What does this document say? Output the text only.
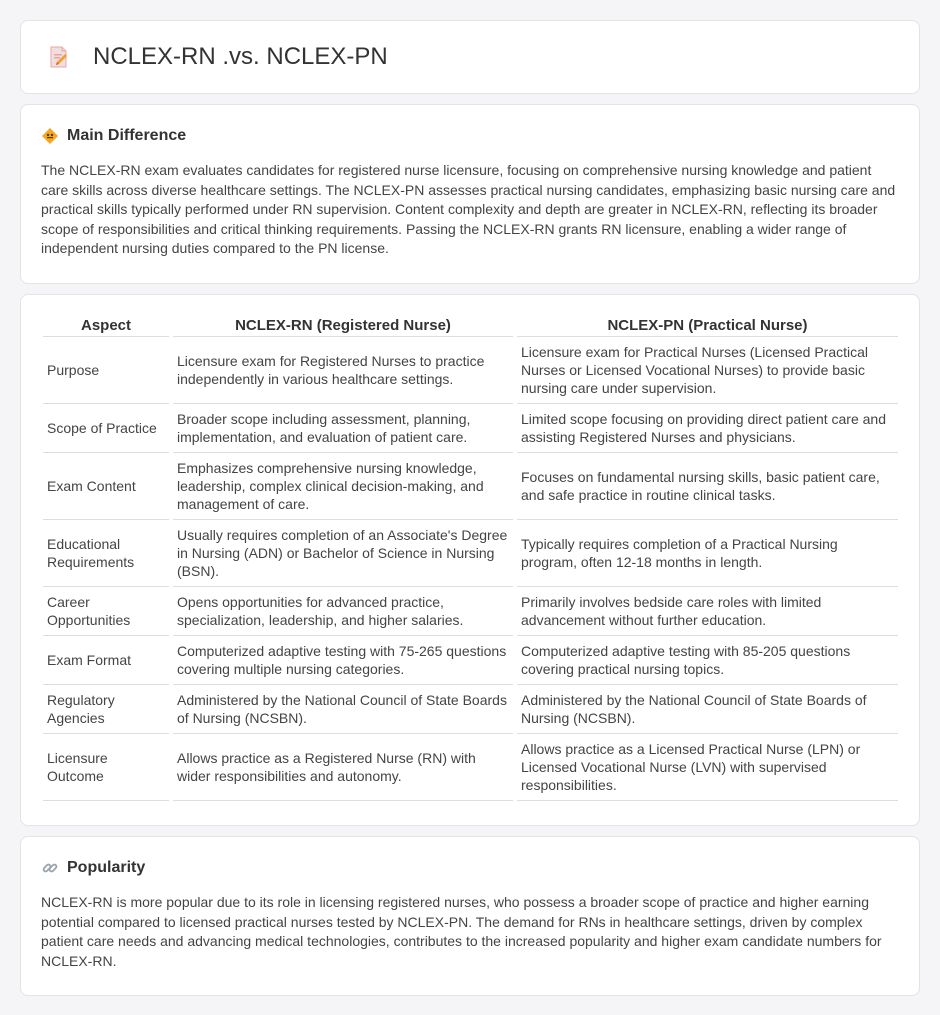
NCLEX-RN .vs. NCLEX-PN
Main Difference

The NCLEX-RN exam evaluates candidates for registered nurse licensure, focusing on comprehensive nursing knowledge and patient care skills across diverse healthcare settings. The NCLEX-PN assesses practical nursing candidates, emphasizing basic nursing care and practical skills typically performed under RN supervision. Content complexity and depth are greater in NCLEX-RN, reflecting its broader scope of responsibilities and critical thinking requirements. Passing the NCLEX-RN grants RN licensure, enabling a wider range of independent nursing duties compared to the PN license.

Aspect	NCLEX-RN (Registered Nurse)	NCLEX-PN (Practical Nurse)
Purpose	Licensure exam for Registered Nurses to practice independently in various healthcare settings.	Licensure exam for Practical Nurses (Licensed Practical Nurses or Licensed Vocational Nurses) to provide basic nursing care under supervision.
Scope of Practice	Broader scope including assessment, planning, implementation, and evaluation of patient care.	Limited scope focusing on providing direct patient care and assisting Registered Nurses and physicians.
Exam Content	Emphasizes comprehensive nursing knowledge, leadership, complex clinical decision-making, and management of care.	Focuses on fundamental nursing skills, basic patient care, and safe practice in routine clinical tasks.
Educational Requirements	Usually requires completion of an Associate's Degree in Nursing (ADN) or Bachelor of Science in Nursing (BSN).	Typically requires completion of a Practical Nursing program, often 12-18 months in length.
Career Opportunities	Opens opportunities for advanced practice, specialization, leadership, and higher salaries.	Primarily involves bedside care roles with limited advancement without further education.
Exam Format	Computerized adaptive testing with 75-265 questions covering multiple nursing categories.	Computerized adaptive testing with 85-205 questions covering practical nursing topics.
Regulatory Agencies	Administered by the National Council of State Boards of Nursing (NCSBN).	Administered by the National Council of State Boards of Nursing (NCSBN).
Licensure Outcome	Allows practice as a Registered Nurse (RN) with wider responsibilities and autonomy.	Allows practice as a Licensed Practical Nurse (LPN) or Licensed Vocational Nurse (LVN) with supervised responsibilities.
Popularity

NCLEX-RN is more popular due to its role in licensing registered nurses, who possess a broader scope of practice and higher earning potential compared to licensed practical nurses tested by NCLEX-PN. The demand for RNs in healthcare settings, driven by complex patient care needs and advancing medical technologies, contributes to the increased popularity and higher exam candidate numbers for NCLEX-RN.
